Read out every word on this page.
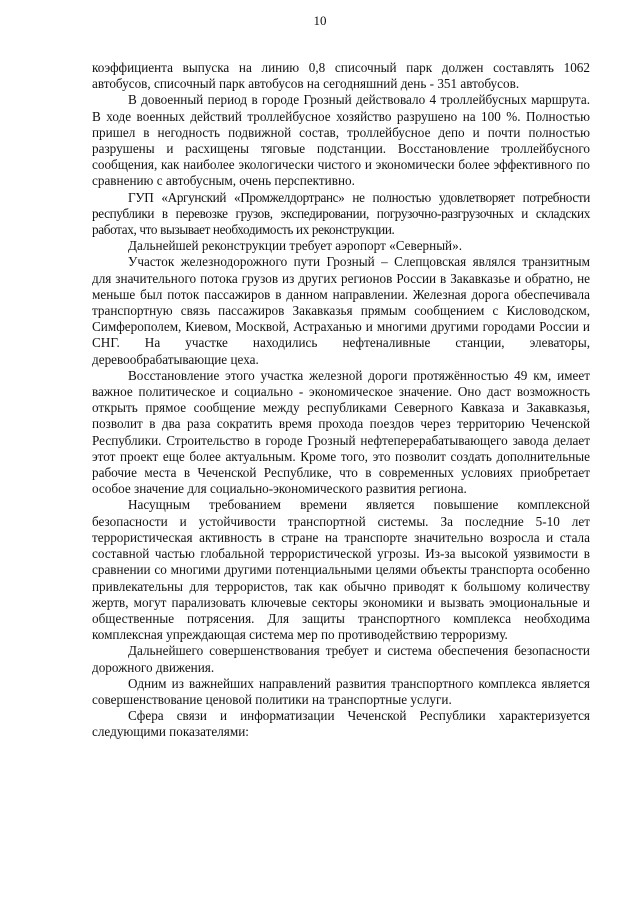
10

коэффициента выпуска на линию 0,8 списочный парк должен составлять 1062 автобусов, списочный парк автобусов на сегодняшний день - 351 автобусов.

В довоенный период в городе Грозный действовало 4 троллейбусных маршрута. В ходе военных действий троллейбусное хозяйство разрушено на 100 %. Полностью пришел в негодность подвижной состав, троллейбусное депо и почти полностью разрушены и расхищены тяговые подстанции. Восстановление троллейбусного сообщения, как наиболее экологически чистого и экономически более эффективного по сравнению с автобусным, очень перспективно.

ГУП «Аргунский «Промжелдортранс» не полностью удовлетворяет потребности республики в перевозке грузов, экспедировании, погрузочно-разгрузочных и складских работах, что вызывает необходимость их реконструкции.

Дальнейшей реконструкции требует аэропорт «Северный».

Участок железнодорожного пути Грозный – Слепцовская являлся транзитным для значительного потока грузов из других регионов России в Закавказье и обратно, не меньше был поток пассажиров в данном направлении. Железная дорога обеспечивала транспортную связь пассажиров Закавказья прямым сообщением с Кисловодском, Симферополем, Киевом, Москвой, Астраханью и многими другими городами России и СНГ. На участке находились нефтеналивные станции, элеваторы, деревообрабатывающие цеха.

Восстановление этого участка железной дороги протяжённостью 49 км, имеет важное политическое и социально - экономическое значение. Оно даст возможность открыть прямое сообщение между республиками Северного Кавказа и Закавказья, позволит в два раза сократить время прохода поездов через территорию Чеченской Республики. Строительство в городе Грозный нефтеперерабатывающего завода делает этот проект еще более актуальным. Кроме того, это позволит создать дополнительные рабочие места в Чеченской Республике, что в современных условиях приобретает особое значение для социально-экономического развития региона.

Насущным требованием времени является повышение комплексной безопасности и устойчивости транспортной системы. За последние 5-10 лет террористическая активность в стране на транспорте значительно возросла и стала составной частью глобальной террористической угрозы. Из-за высокой уязвимости в сравнении со многими другими потенциальными целями объекты транспорта особенно привлекательны для террористов, так как обычно приводят к большому количеству жертв, могут парализовать ключевые секторы экономики и вызвать эмоциональные и общественные потрясения. Для защиты транспортного комплекса необходима комплексная упреждающая система мер по противодействию терроризму.

Дальнейшего совершенствования требует и система обеспечения безопасности дорожного движения.

Одним из важнейших направлений развития транспортного комплекса является совершенствование ценовой политики на транспортные услуги.

Сфера связи и информатизации Чеченской Республики характеризуется следующими показателями:
